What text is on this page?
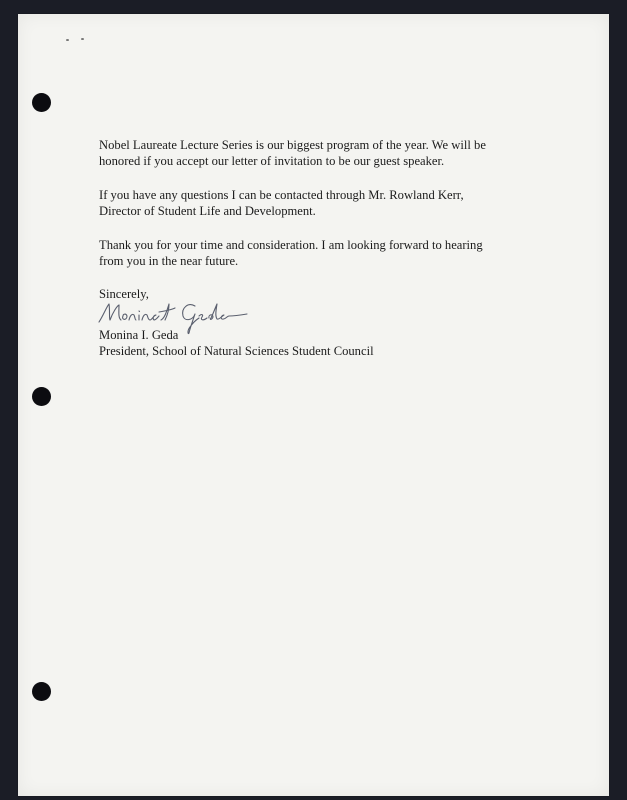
Nobel Laureate Lecture Series is our biggest program of the year. We will be
honored if you accept our letter of invitation to be our guest speaker.

If you have any questions I can be contacted through Mr. Rowland Kerr,
Director of Student Life and Development.

Thank you for your time and consideration. I am looking forward to hearing
from you in the near future.

Sincerely,

Monina I. Geda

President, School of Natural Sciences Student Council
